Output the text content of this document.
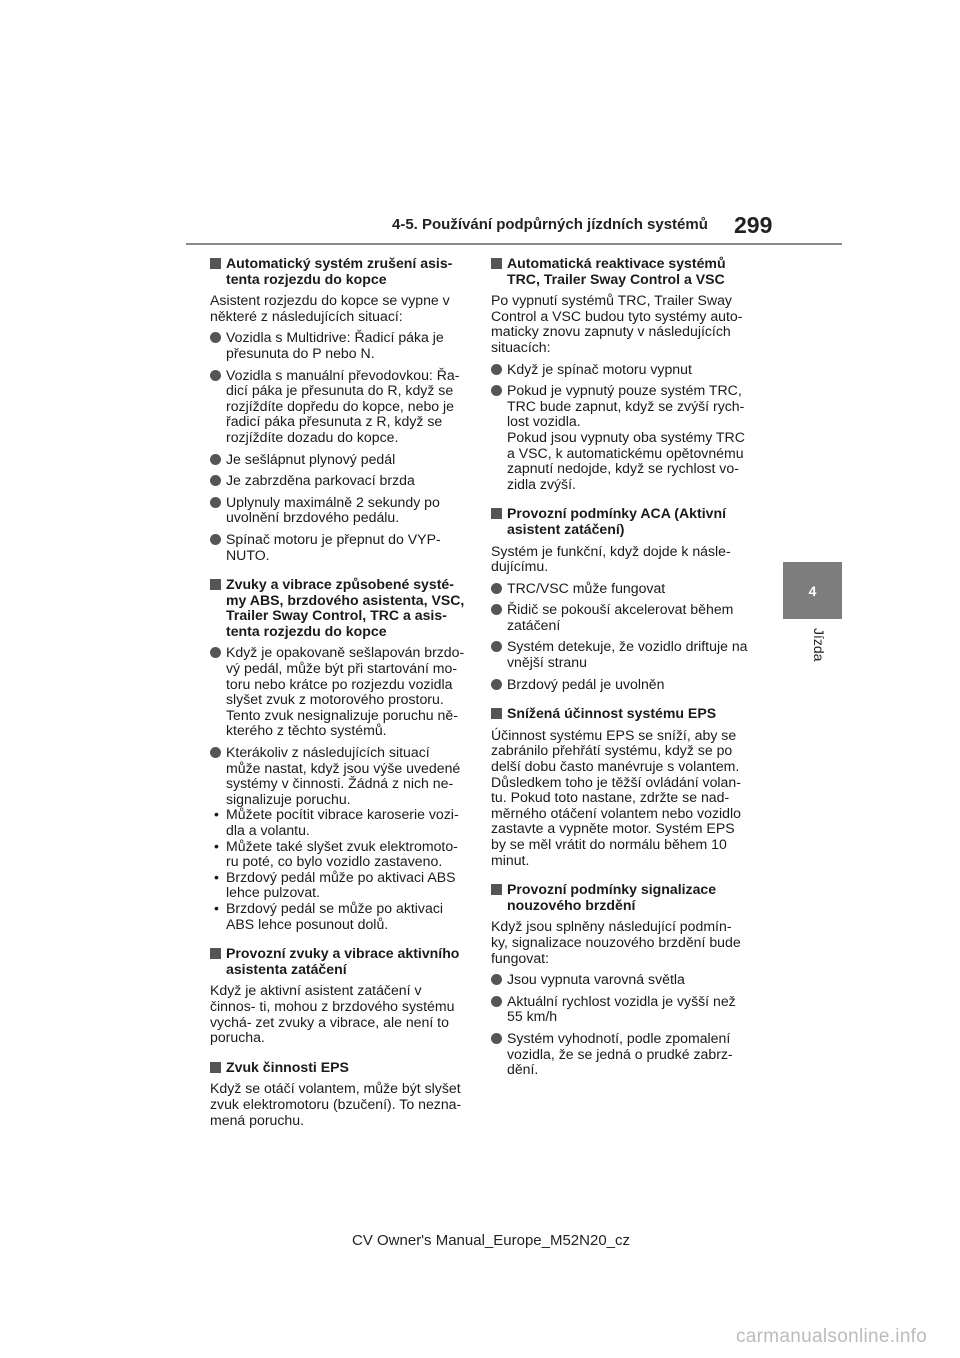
4-5. Používání podpůrných jízdních systémů 299
4
Jízda
Automatický systém zrušení asis- tenta rozjezdu do kopce
Asistent rozjezdu do kopce se vypne v některé z následujících situací:
Vozidla s Multidrive: Řadicí páka je přesunuta do P nebo N.
Vozidla s manuální převodovkou: Řa- dicí páka je přesunuta do R, když se rozjíždíte dopředu do kopce, nebo je řadicí páka přesunuta z R, když se rozjíždíte dozadu do kopce.
Je sešlápnut plynový pedál
Je zabrzděna parkovací brzda
Uplynuly maximálně 2 sekundy po uvolnění brzdového pedálu.
Spínač motoru je přepnut do VYP- NUTO.
Zvuky a vibrace způsobené systé- my ABS, brzdového asistenta, VSC, Trailer Sway Control, TRC a asis- tenta rozjezdu do kopce
Když je opakovaně sešlapován brzdo- vý pedál, může být při startování mo- toru nebo krátce po rozjezdu vozidla slyšet zvuk z motorového prostoru. Tento zvuk nesignalizuje poruchu ně- kterého z těchto systémů.
Kterákoliv z následujících situací může nastat, když jsou výše uvedené systémy v činnosti. Žádná z nich ne- signalizuje poruchu.
• Můžete pocítit vibrace karoserie vozi- dla a volantu.
• Můžete také slyšet zvuk elektromoto- ru poté, co bylo vozidlo zastaveno.
• Brzdový pedál může po aktivaci ABS lehce pulzovat.
• Brzdový pedál se může po aktivaci ABS lehce posunout dolů.
Provozní zvuky a vibrace aktivního asistenta zatáčení
Když je aktivní asistent zatáčení v činnos- ti, mohou z brzdového systému vychá- zet zvuky a vibrace, ale není to porucha.
Zvuk činnosti EPS
Když se otáčí volantem, může být slyšet zvuk elektromotoru (bzučení). To nezna- mená poruchu.
Automatická reaktivace systémů TRC, Trailer Sway Control a VSC
Po vypnutí systémů TRC, Trailer Sway Control a VSC budou tyto systémy auto- maticky znovu zapnuty v následujících situacích:
Když je spínač motoru vypnut
Pokud je vypnutý pouze systém TRC, TRC bude zapnut, když se zvýší rych- lost vozidla.
Pokud jsou vypnuty oba systémy TRC a VSC, k automatickému opětovnému zapnutí nedojde, když se rychlost vo- zidla zvýší.
Provozní podmínky ACA (Aktivní asistent zatáčení)
Systém je funkční, když dojde k násle- dujícímu.
TRC/VSC může fungovat
Řidič se pokouší akcelerovat během zatáčení
Systém detekuje, že vozidlo driftuje na vnější stranu
Brzdový pedál je uvolněn
Snížená účinnost systému EPS
Účinnost systému EPS se sníží, aby se zabránilo přehřátí systému, když se po delší dobu často manévruje s volantem. Důsledkem toho je těžší ovládání volan- tu. Pokud toto nastane, zdržte se nad- měrného otáčení volantem nebo vozidlo zastavte a vypněte motor. Systém EPS by se měl vrátit do normálu během 10 minut.
Provozní podmínky signalizace nouzového brzdění
Když jsou splněny následující podmín- ky, signalizace nouzového brzdění bude fungovat:
Jsou vypnuta varovná světla
Aktuální rychlost vozidla je vyšší než 55 km/h
Systém vyhodnotí, podle zpomalení vozidla, že se jedná o prudké zabrz- dění.
CV Owner's Manual_Europe_M52N20_cz
carmanualsonline.info
